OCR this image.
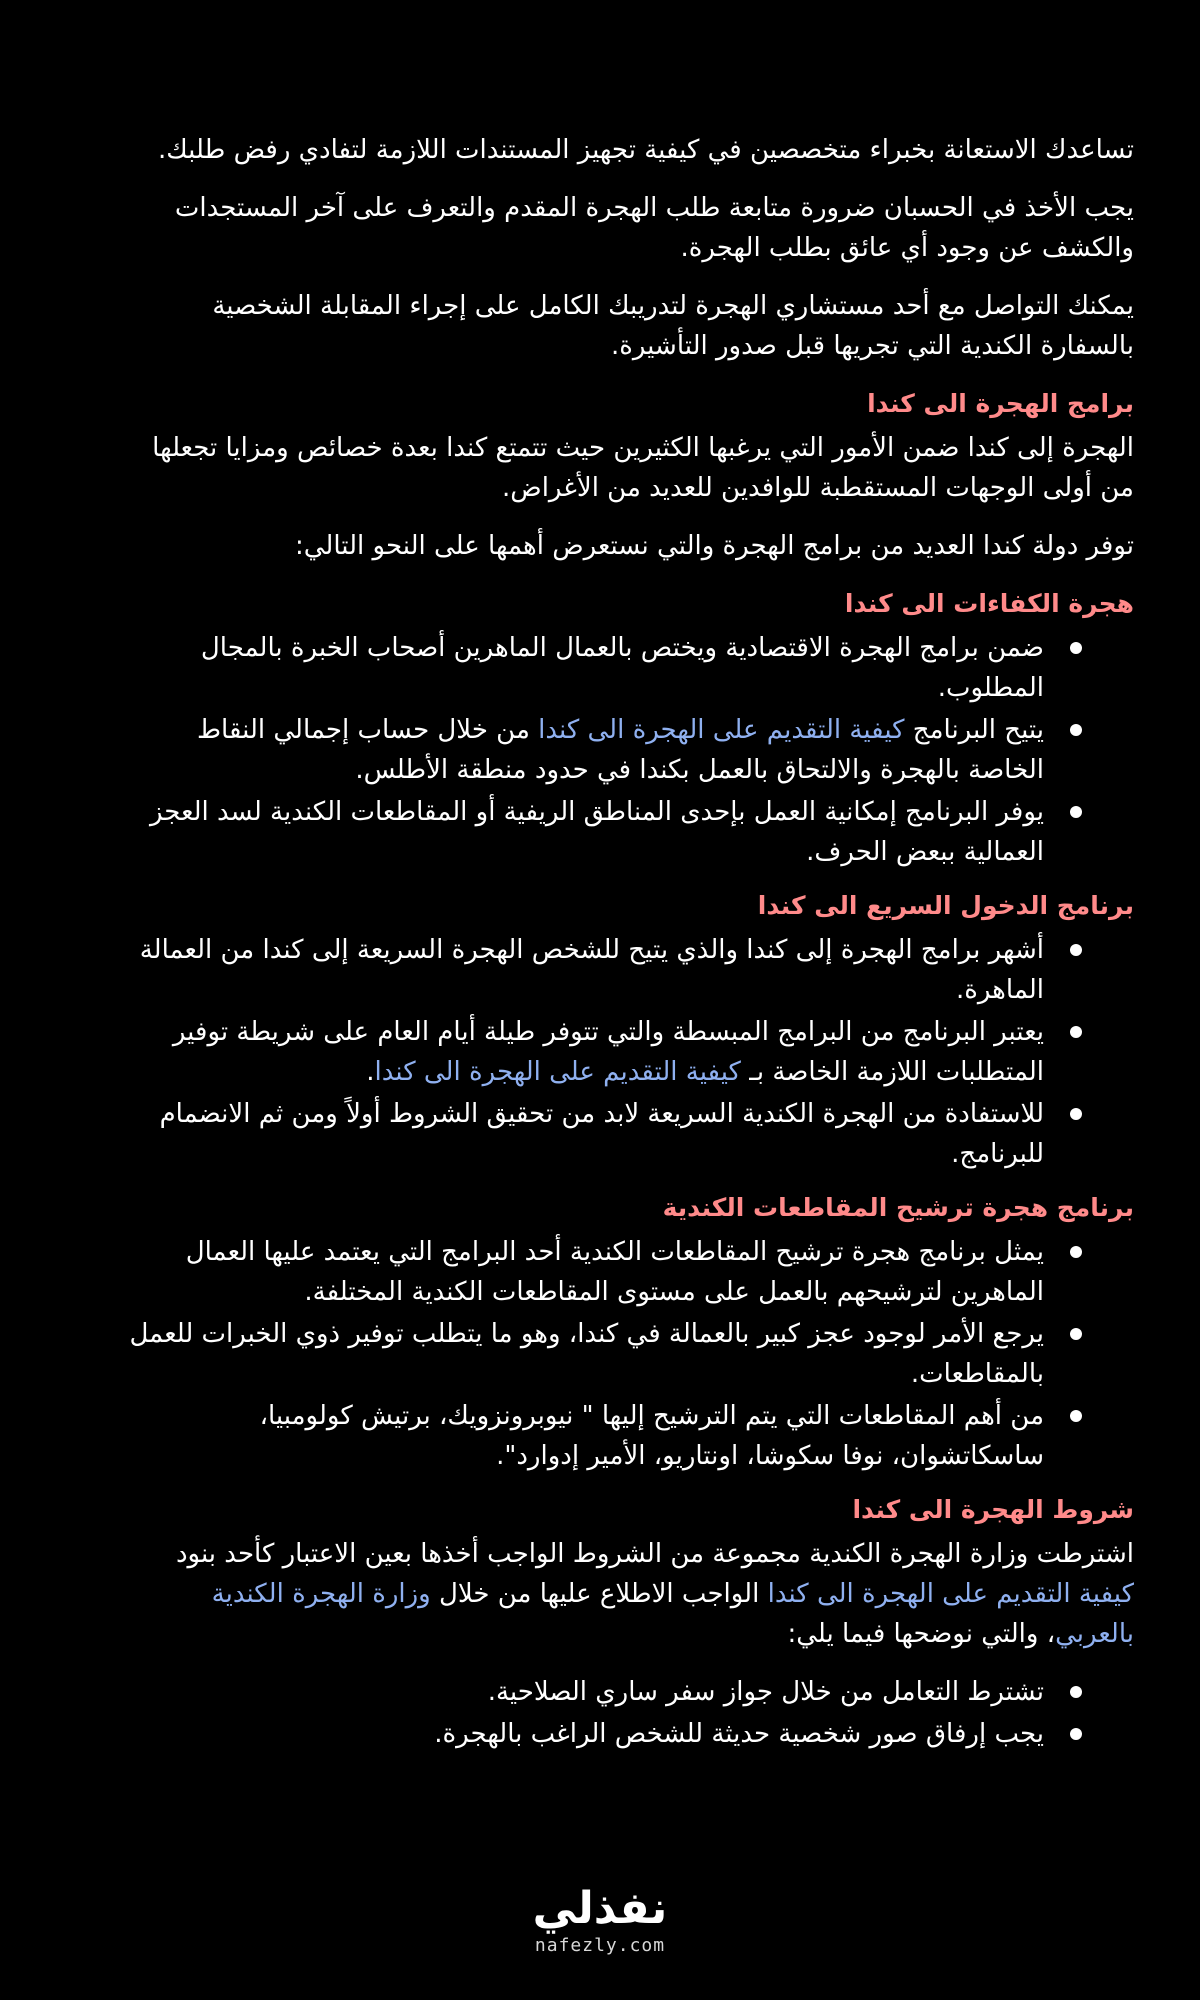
تساعدك الاستعانة بخبراء متخصصين في كيفية تجهيز المستندات اللازمة لتفادي رفض طلبك.

يجب الأخذ في الحسبان ضرورة متابعة طلب الهجرة المقدم والتعرف على آخر المستجدات والكشف عن وجود أي عائق بطلب الهجرة.

يمكنك التواصل مع أحد مستشاري الهجرة لتدريبك الكامل على إجراء المقابلة الشخصية بالسفارة الكندية التي تجريها قبل صدور التأشيرة.

برامج الهجرة الى كندا

الهجرة إلى كندا ضمن الأمور التي يرغبها الكثيرين حيث تتمتع كندا بعدة خصائص ومزايا تجعلها من أولى الوجهات المستقطبة للوافدين للعديد من الأغراض.

توفر دولة كندا العديد من برامج الهجرة والتي نستعرض أهمها على النحو التالي:

هجرة الكفاءات الى كندا
ضمن برامج الهجرة الاقتصادية ويختص بالعمال الماهرين أصحاب الخبرة بالمجال المطلوب.
يتيح البرنامج كيفية التقديم على الهجرة الى كندا من خلال حساب إجمالي النقاط الخاصة بالهجرة والالتحاق بالعمل بكندا في حدود منطقة الأطلس.
يوفر البرنامج إمكانية العمل بإحدى المناطق الريفية أو المقاطعات الكندية لسد العجز العمالية ببعض الحرف.
برنامج الدخول السريع الى كندا
أشهر برامج الهجرة إلى كندا والذي يتيح للشخص الهجرة السريعة إلى كندا من العمالة الماهرة.
يعتبر البرنامج من البرامج المبسطة والتي تتوفر طيلة أيام العام على شريطة توفير المتطلبات اللازمة الخاصة بـ كيفية التقديم على الهجرة الى كندا.
للاستفادة من الهجرة الكندية السريعة لابد من تحقيق الشروط أولاً ومن ثم الانضمام للبرنامج.
برنامج هجرة ترشيح المقاطعات الكندية
يمثل برنامج هجرة ترشيح المقاطعات الكندية أحد البرامج التي يعتمد عليها العمال الماهرين لترشيحهم بالعمل على مستوى المقاطعات الكندية المختلفة.
يرجع الأمر لوجود عجز كبير بالعمالة في كندا، وهو ما يتطلب توفير ذوي الخبرات للعمل بالمقاطعات.
من أهم المقاطعات التي يتم الترشيح إليها " نيوبرونزويك، برتيش كولومبيا، ساسكاتشوان، نوفا سكوشا، اونتاريو، الأمير إدوارد".
شروط الهجرة الى كندا

اشترطت وزارة الهجرة الكندية مجموعة من الشروط الواجب أخذها بعين الاعتبار كأحد بنود كيفية التقديم على الهجرة الى كندا الواجب الاطلاع عليها من خلال وزارة الهجرة الكندية بالعربي، والتي نوضحها فيما يلي:

تشترط التعامل من خلال جواز سفر ساري الصلاحية.
يجب إرفاق صور شخصية حديثة للشخص الراغب بالهجرة.
نفذلي
nafezly.com
